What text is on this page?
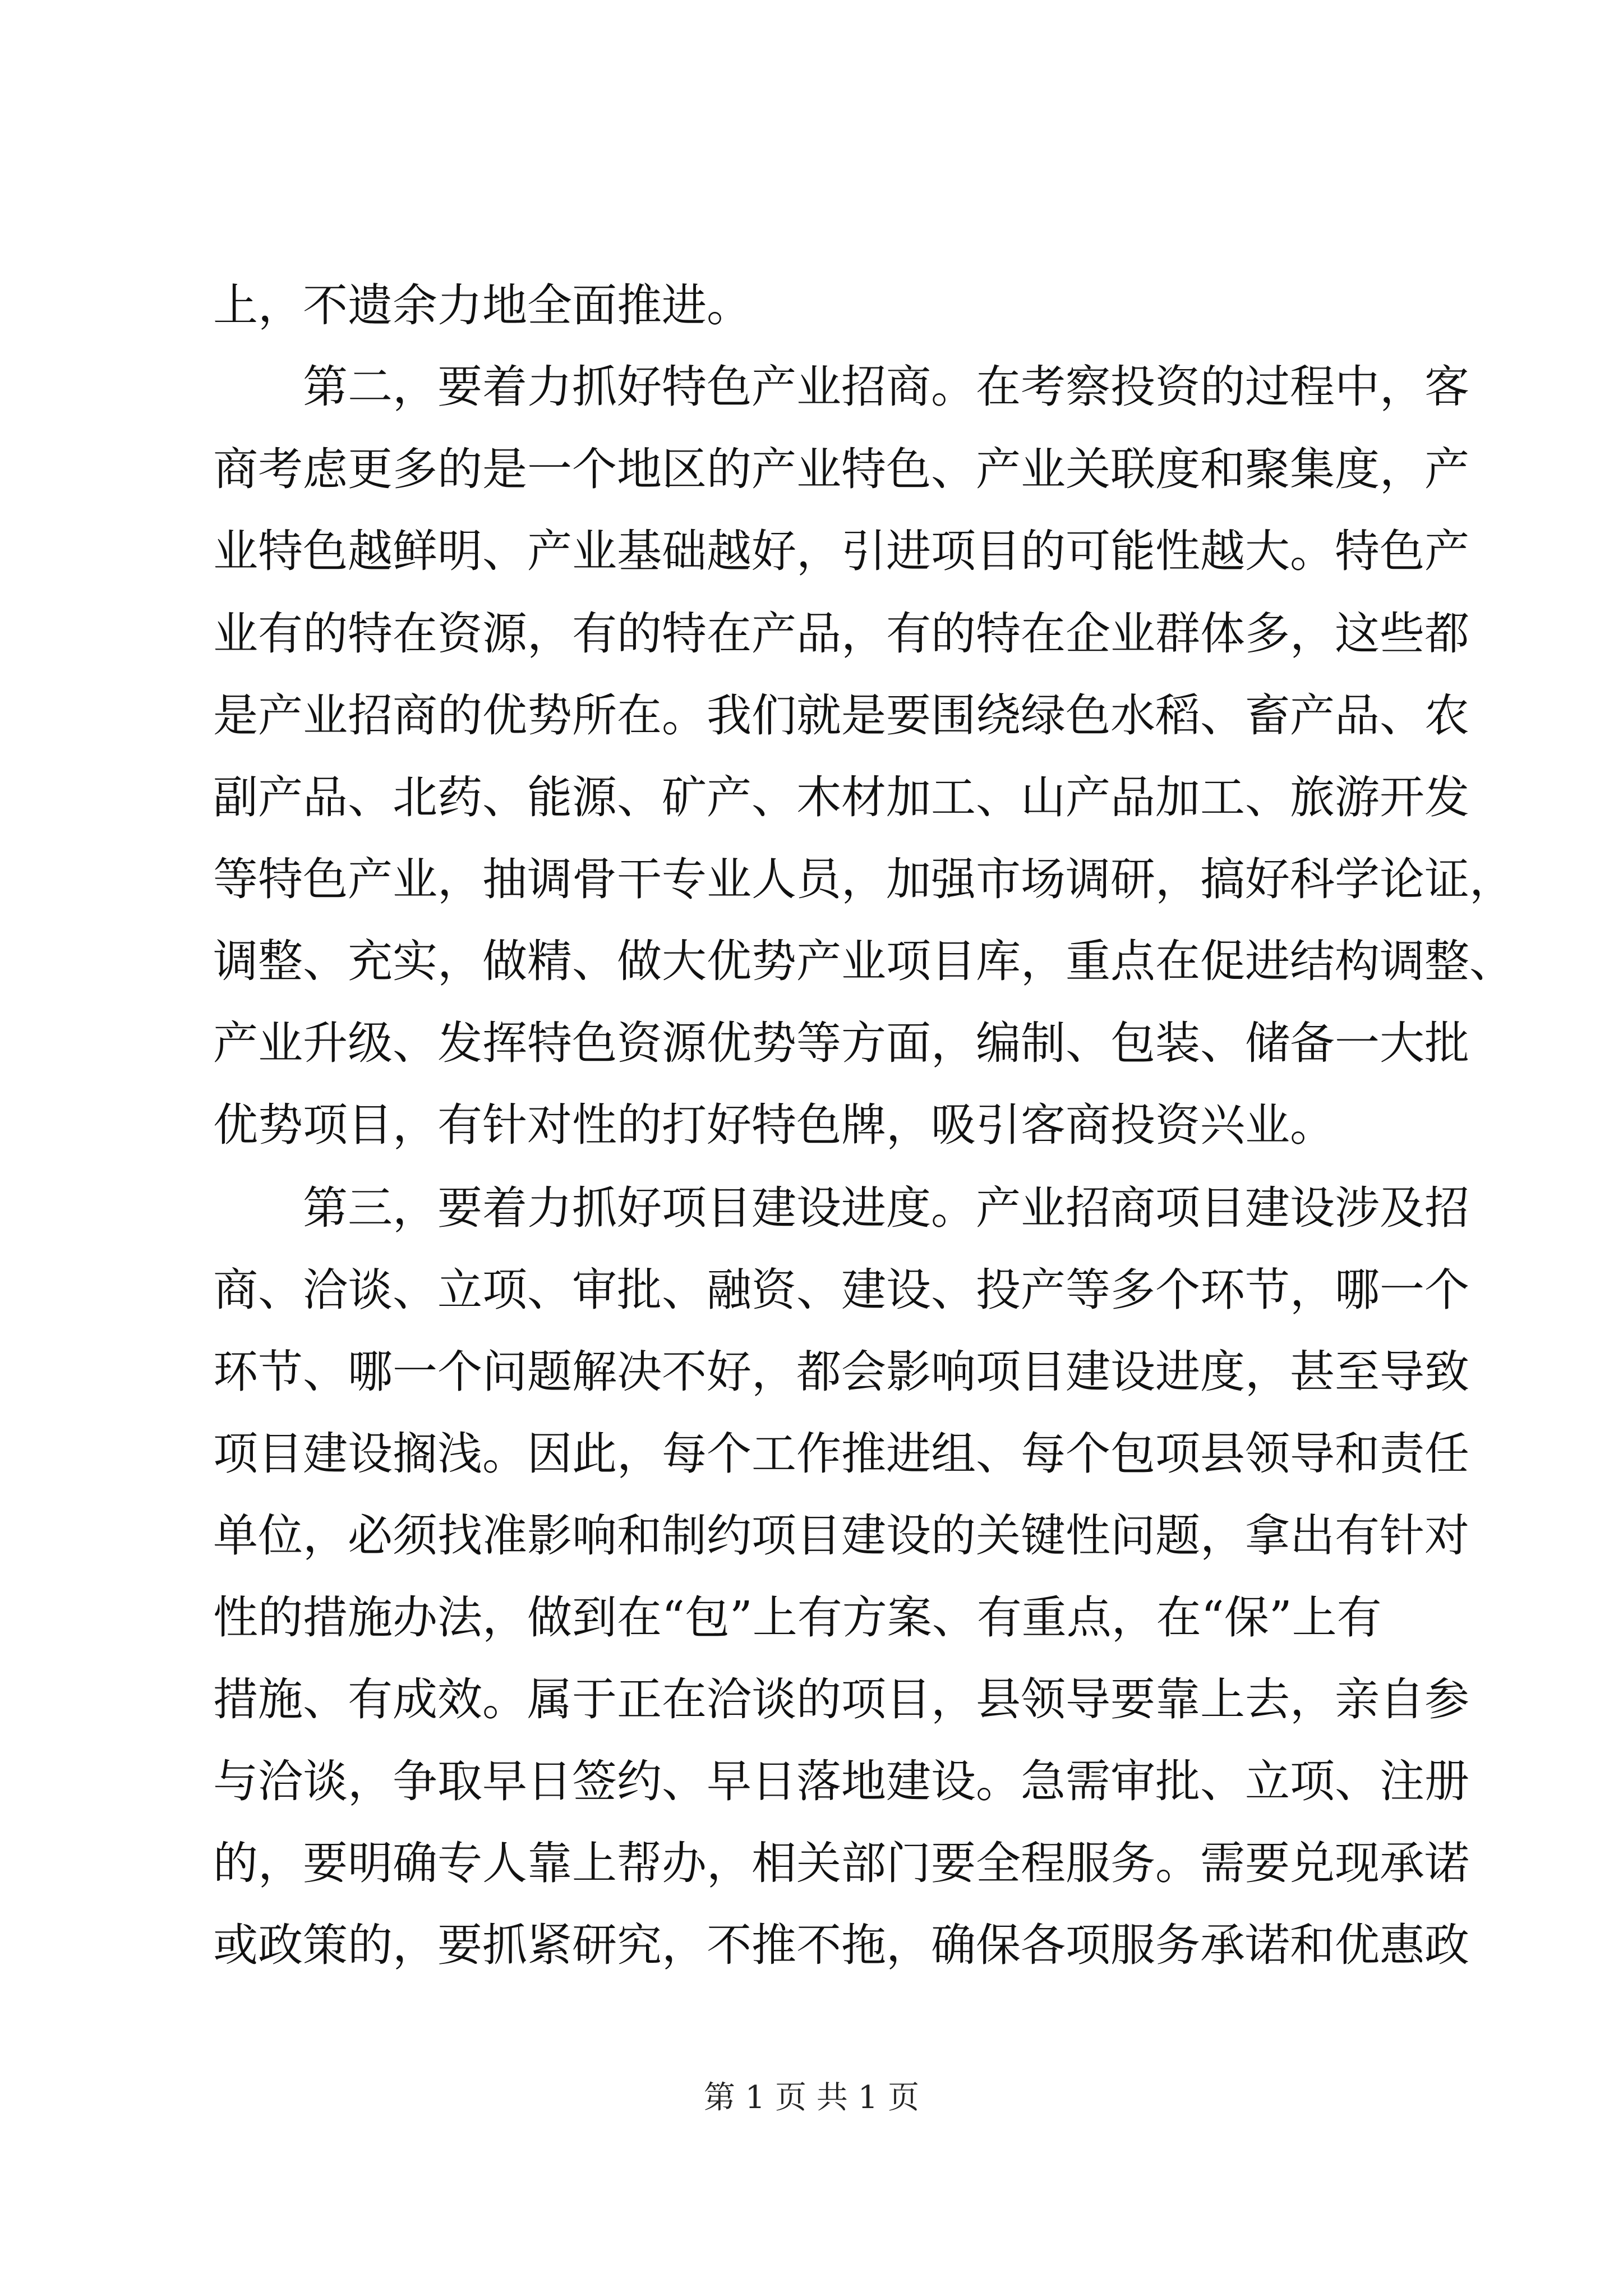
上，不遗余力地全面推进。
　　第二，要着力抓好特色产业招商。在考察投资的过程中，客
商考虑更多的是一个地区的产业特色、产业关联度和聚集度，产
业特色越鲜明、产业基础越好，引进项目的可能性越大。特色产
业有的特在资源，有的特在产品，有的特在企业群体多，这些都
是产业招商的优势所在。我们就是要围绕绿色水稻、畜产品、农
副产品、北药、能源、矿产、木材加工、山产品加工、旅游开发
等特色产业，抽调骨干专业人员，加强市场调研，搞好科学论证，
调整、充实，做精、做大优势产业项目库，重点在促进结构调整、
产业升级、发挥特色资源优势等方面，编制、包装、储备一大批
优势项目，有针对性的打好特色牌，吸引客商投资兴业。
　　第三，要着力抓好项目建设进度。产业招商项目建设涉及招
商、洽谈、立项、审批、融资、建设、投产等多个环节，哪一个
环节、哪一个问题解决不好，都会影响项目建设进度，甚至导致
项目建设搁浅。因此，每个工作推进组、每个包项县领导和责任
单位，必须找准影响和制约项目建设的关键性问题，拿出有针对
性的措施办法，做到在“包”上有方案、有重点，在“保”上有
措施、有成效。属于正在洽谈的项目，县领导要靠上去，亲自参
与洽谈，争取早日签约、早日落地建设。急需审批、立项、注册
的，要明确专人靠上帮办，相关部门要全程服务。需要兑现承诺
或政策的，要抓紧研究，不推不拖，确保各项服务承诺和优惠政
第 1 页 共 1 页
